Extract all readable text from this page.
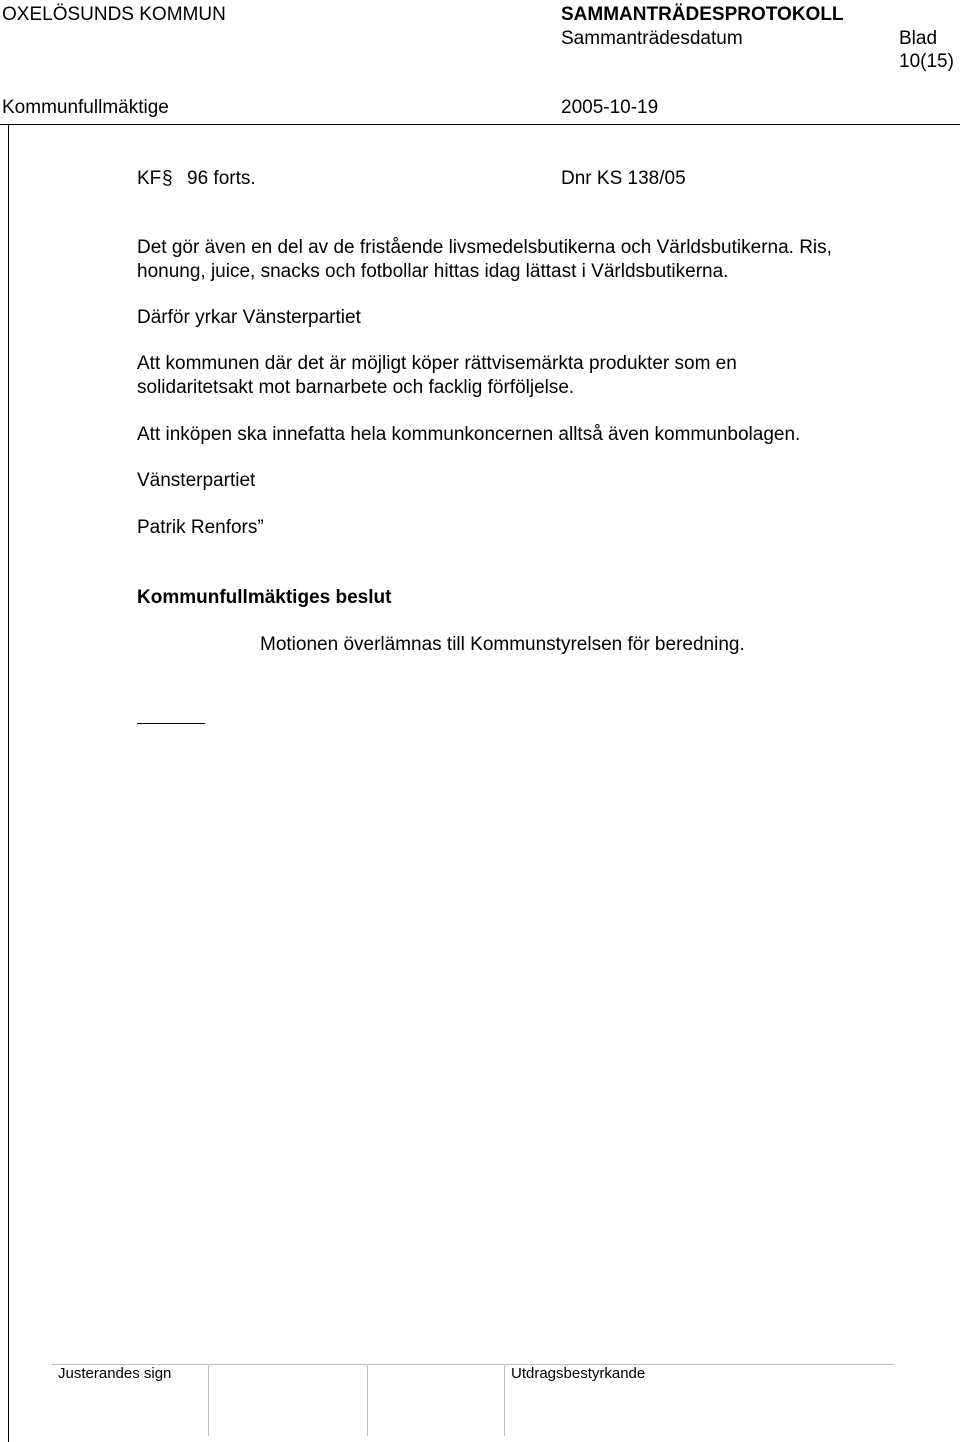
OXELÖSUNDS KOMMUN	SAMMANTRÄDESPROTOKOLL
Sammanträdesdatum	Blad
10(15)
Kommunfullmäktige	2005-10-19
KF § 96 forts.	Dnr KS 138/05
Det gör även en del av de fristående livsmedelsbutikerna och Världsbutikerna. Ris,
honung, juice, snacks och fotbollar hittas idag lättast i Världsbutikerna.
Därför yrkar Vänsterpartiet
Att kommunen där det är möjligt köper rättvisemärkta produkter som en
solidaritetsakt mot barnarbete och facklig förföljelse.
Att inköpen ska innefatta hela kommunkoncernen alltså även kommunbolagen.
Vänsterpartiet
Patrik Renfors”
Kommunfullmäktiges beslut
Motionen överlämnas till Kommunstyrelsen för beredning.
Justerandes sign	Utdragsbestyrkande
